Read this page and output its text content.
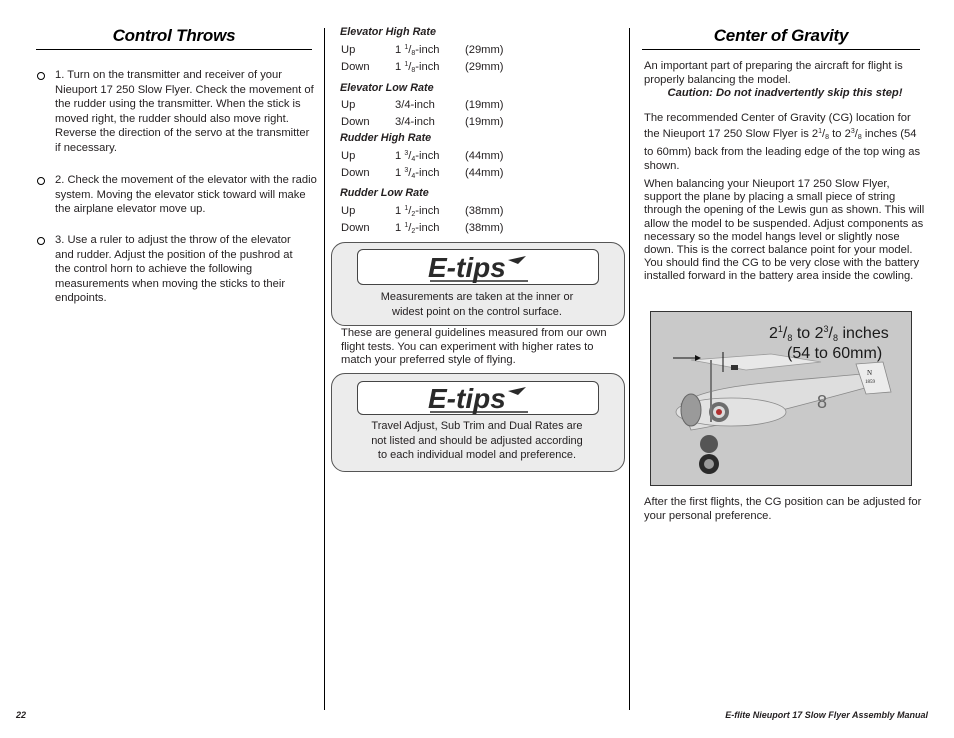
Control Throws
1. Turn on the transmitter and receiver of your Nieuport 17 250 Slow Flyer. Check the movement of the rudder using the transmitter. When the stick is moved right, the rudder should also move right. Reverse the direction of the servo at the transmitter if necessary.
2. Check the movement of the elevator with the radio system. Moving the elevator stick toward will make the airplane elevator move up.
3. Use a ruler to adjust the throw of the elevator and rudder. Adjust the position of the pushrod at the control horn to achieve the following measurements when moving the sticks to their endpoints.
Elevator High Rate
Up	1 $^1/_8$-inch (29mm)
Down 1 $^1/_8$-inch (29mm)
Elevator Low Rate
Up	3/4-inch	(19mm)
Down 3/4-inch	(19mm)
Rudder High Rate
Up	1 $^3/_4$-inch (44mm)
Down 1 $^3/_4$-inch (44mm)
Rudder Low Rate
Up	1 $^1/_2$-inch (38mm)
Down 1 $^1/_2$-inch (38mm)
E-tips
Measurements are taken at the inner or
widest point on the control surface.
These are general guidelines measured from our own flight tests. You can experiment with higher rates to match your preferred style of flying.
E-tips
Travel Adjust, Sub Trim and Dual Rates are
not listed and should be adjusted according
to each individual model and preference.
Center of Gravity
An important part of preparing the aircraft for flight is properly balancing the model.
Caution: Do not inadvertently skip this step!
The recommended Center of Gravity (CG) location for the Nieuport 17 250 Slow Flyer is $2^1/_8$ to $2^3/_8$ inches (54 to 60mm) back from the leading edge of the top wing as shown.
When balancing your Nieuport 17 250 Slow Flyer, support the plane by placing a small piece of string through the opening of the Lewis gun as shown. This will allow the model to be suspended. Adjust components as necessary so the model hangs level or slightly nose down. This is the correct balance point for your model. You should find the CG to be very close with the battery installed forward in the battery area inside the cowling.
N
1859
8
$2^1/8$ to $2^3/8$ inches
(54 to 60mm)
After the first flights, the CG position can be adjusted for your personal preference.
22	E-flite Nieuport 17 Slow Flyer Assembly Manual
